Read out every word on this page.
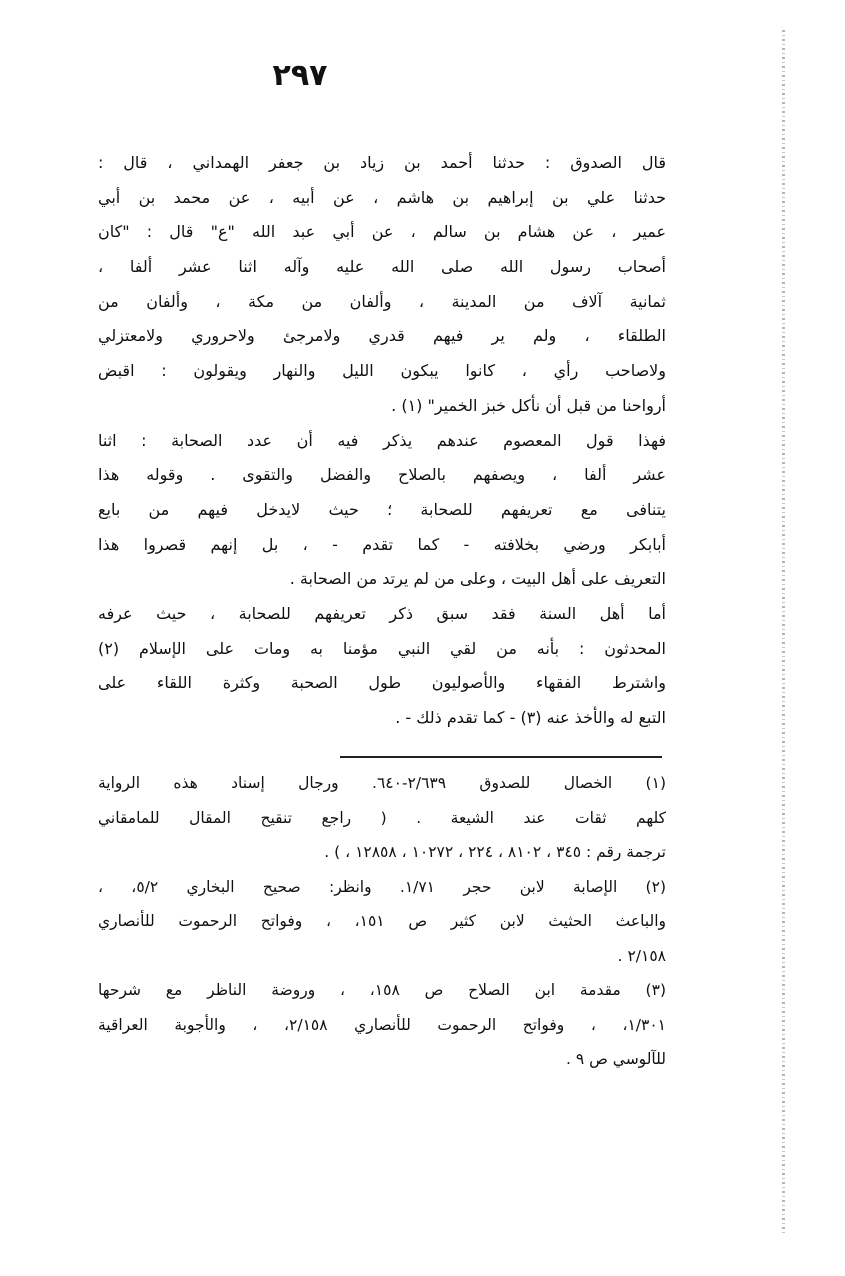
٢٩٧
قال الصدوق : حدثنا أحمد بن زياد بن جعفر الهمداني ، قال :
حدثنا علي بن إبراهيم بن هاشم ، عن أبيه ، عن محمد بن أبي
عمير ، عن هشام بن سالم ، عن أبي عبد الله "ع" قال : "كان
أصحاب رسول الله صلى الله عليه وآله اثنا عشر ألفا ،
ثمانية آلاف من المدينة ، وألفان من مكة ، وألفان من
الطلقاء ، ولم ير فيهم قدري ولامرجئ ولاحروري ولامعتزلي
ولاصاحب رأي ، كانوا يبكون الليل والنهار ويقولون : اقبض
أرواحنا من قبل أن نأكل خبز الخمير" (١) .
فهذا قول المعصوم عندهم يذكر فيه أن عدد الصحابة : اثنا
عشر ألفا ، ويصفهم بالصلاح والفضل والتقوى . وقوله هذا
يتنافى مع تعريفهم للصحابة ؛ حيث لايدخل فيهم من بايع
أبابكر ورضي بخلافته - كما تقدم - ، بل إنهم قصروا هذا
التعريف على أهل البيت ، وعلى من لم يرتد من الصحابة .
أما أهل السنة فقد سبق ذكر تعريفهم للصحابة ، حيث عرفه
المحدثون : بأنه من لقي النبي مؤمنا به ومات على الإسلام (٢)
واشترط الفقهاء والأصوليون طول الصحبة وكثرة اللقاء على
التبع له والأخذ عنه (٣) - كما تقدم ذلك - .
(١) الخصال للصدوق ٢/٦٣٩-٦٤٠. ورجال إسناد هذه الرواية
كلهم ثقات عند الشيعة . ( راجع تنقيح المقال للمامقاني
ترجمة رقم : ٣٤٥ ، ٨١٠٢ ، ٢٢٤ ، ١٠٢٧٢ ، ١٢٨٥٨ ، ) .
(٢) الإصابة لابن حجر ١/٧١. وانظر: صحيح البخاري ٥/٢، ،
والباعث الحثيث لابن كثير ص ١٥١، ، وفواتح الرحموت للأنصاري
٢/١٥٨ .
(٣) مقدمة ابن الصلاح ص ١٥٨، ، وروضة الناظر مع شرحها
١/٣٠١، ، وفواتح الرحموت للأنصاري ٢/١٥٨، ، والأجوبة العراقية
للآلوسي ص ٩ .
